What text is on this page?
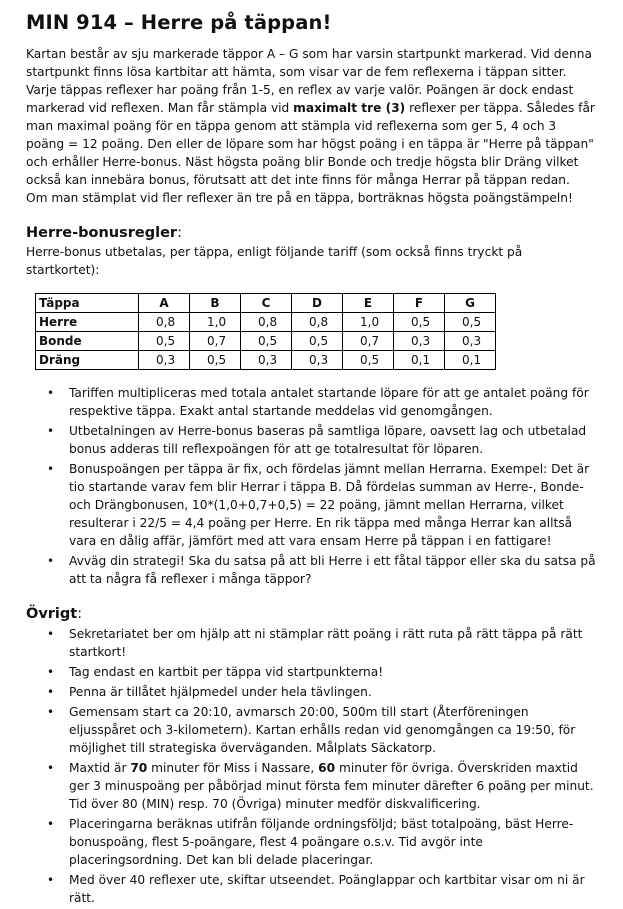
MIN 914 – Herre på täppan!

Kartan består av sju markerade täppor A – G som har varsin startpunkt markerad. Vid denna startpunkt finns lösa kartbitar att hämta, som visar var de fem reflexerna i täppan sitter. Varje täppas reflexer har poäng från 1-5, en reflex av varje valör. Poängen är dock endast markerad vid reflexen. Man får stämpla vid maximalt tre (3) reflexer per täppa. Således får man maximal poäng för en täppa genom att stämpla vid reflexerna som ger 5, 4 och 3 poäng = 12 poäng. Den eller de löpare som har högst poäng i en täppa är "Herre på täppan" och erhåller Herre-bonus. Näst högsta poäng blir Bonde och tredje högsta blir Dräng vilket också kan innebära bonus, förutsatt att det inte finns för många Herrar på täppan redan.

Om man stämplat vid fler reflexer än tre på en täppa, borträknas högsta poängstämpeln!

Herre-bonusregler:

Herre-bonus utbetalas, per täppa, enligt följande tariff (som också finns tryckt på startkortet):

Täppa	A	B	C	D	E	F	G
Herre	0,8	1,0	0,8	0,8	1,0	0,5	0,5
Bonde	0,5	0,7	0,5	0,5	0,7	0,3	0,3
Dräng	0,3	0,5	0,3	0,3	0,5	0,1	0,1
• Tariffen multipliceras med totala antalet startande löpare för att ge antalet poäng för respektive täppa. Exakt antal startande meddelas vid genomgången.
• Utbetalningen av Herre-bonus baseras på samtliga löpare, oavsett lag och utbetalad bonus adderas till reflexpoängen för att ge totalresultat för löparen.
• Bonuspoängen per täppa är fix, och fördelas jämnt mellan Herrarna. Exempel: Det är tio startande varav fem blir Herrar i täppa B. Då fördelas summan av Herre-, Bonde- och Drängbonusen, 10*(1,0+0,7+0,5) = 22 poäng, jämnt mellan Herrarna, vilket resulterar i 22/5 = 4,4 poäng per Herre. En rik täppa med många Herrar kan alltså vara en dålig affär, jämfört med att vara ensam Herre på täppan i en fattigare!
• Avväg din strategi! Ska du satsa på att bli Herre i ett fåtal täppor eller ska du satsa på att ta några få reflexer i många täppor?
Övrigt:
• Sekretariatet ber om hjälp att ni stämplar rätt poäng i rätt ruta på rätt täppa på rätt startkort!
• Tag endast en kartbit per täppa vid startpunkterna!
• Penna är tillåtet hjälpmedel under hela tävlingen.
• Gemensam start ca 20:10, avmarsch 20:00, 500m till start (Återföreningen eljusspåret och 3-kilometern). Kartan erhålls redan vid genomgången ca 19:50, för möjlighet till strategiska överväganden. Målplats Säckatorp.
• Maxtid är 70 minuter för Miss i Nassare, 60 minuter för övriga. Överskriden maxtid ger 3 minuspoäng per påbörjad minut första fem minuter därefter 6 poäng per minut. Tid över 80 (MIN) resp. 70 (Övriga) minuter medför diskvalificering.
• Placeringarna beräknas utifrån följande ordningsföljd; bäst totalpoäng, bäst Herre-bonuspoäng, flest 5-poängare, flest 4 poängare o.s.v. Tid avgör inte placeringsordning. Det kan bli delade placeringar.
• Med över 40 reflexer ute, skiftar utseendet. Poänglappar och kartbitar visar om ni är rätt.
